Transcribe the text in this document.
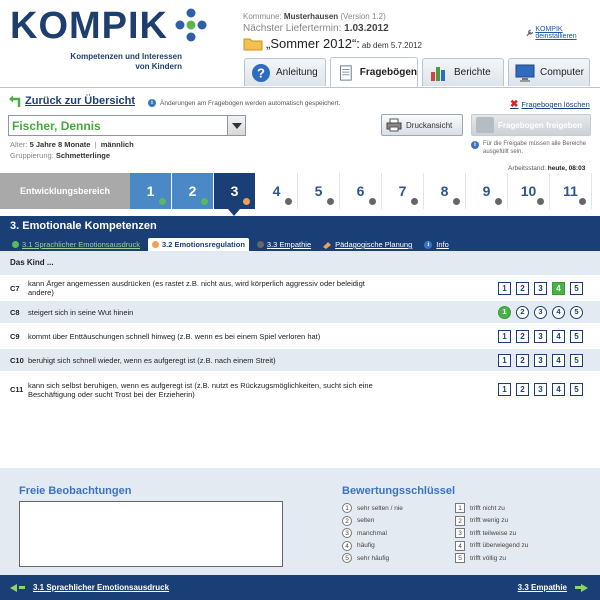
KOMPIK
Kompetenzen und Interessen
von Kindern
Kommune: Musterhausen (Version 1.2)
Nächster Liefertermin: 1.03.2012
„Sommer 2012“: ab dem 5.7.2012
KOMPIK deinstallieren
? Anleitung	Fragebögen	Berichte	Computer
Zurück zur Übersicht	i	Änderungen am Fragebogen werden automatisch gespeichert.	✖ Fragebogen löschen
Fischer, Dennis
Alter: 5 Jahre 8 Monate  |  männlich
Gruppierung: Schmetterlinge
Druckansicht	Fragebogen freigeben
i	Für die Freigabe müssen alle Bereiche ausgefüllt sein.
Arbeitsstand: heute, 08:03
Entwicklungsbereich	1 2 3 4 5 6 7 8 9 10 11
3. Emotionale Kompetenzen
3.1 Sprachlicher Emotionsausdruck	3.2 Emotionsregulation	3.3 Empathie	Pädagogische Planung	i Info
Das Kind ...
C7	kann Ärger angemessen ausdrücken (es rastet z.B. nicht aus, wird körperlich aggressiv oder beleidigt andere)	1	2	3	4	5
C8	steigert sich in seine Wut hinein	1	2	3	4	5
C9	kommt über Enttäuschungen schnell hinweg (z.B. wenn es bei einem Spiel verloren hat)	1	2	3	4	5
C10 beruhigt sich schnell wieder, wenn es aufgeregt ist (z.B. nach einem Streit)	1	2	3	4	5
C11 kann sich selbst beruhigen, wenn es aufgeregt ist (z.B. nutzt es Rückzugsmöglichkeiten, sucht sich eine Beschäftigung oder sucht Trost bei der Erzieherin)	1	2	3	4	5
Freie Beobachtungen	Bewertungsschlüssel
1	sehr selten / nie
2	selten
3	manchmal
4	häufig
5	sehr häufig
1	trifft nicht zu
2	trifft wenig zu
3	trifft teilweise zu
4	trifft überwiegend zu
5	trifft völlig zu
3.1 Sprachlicher Emotionsausdruck	3.3 Empathie
